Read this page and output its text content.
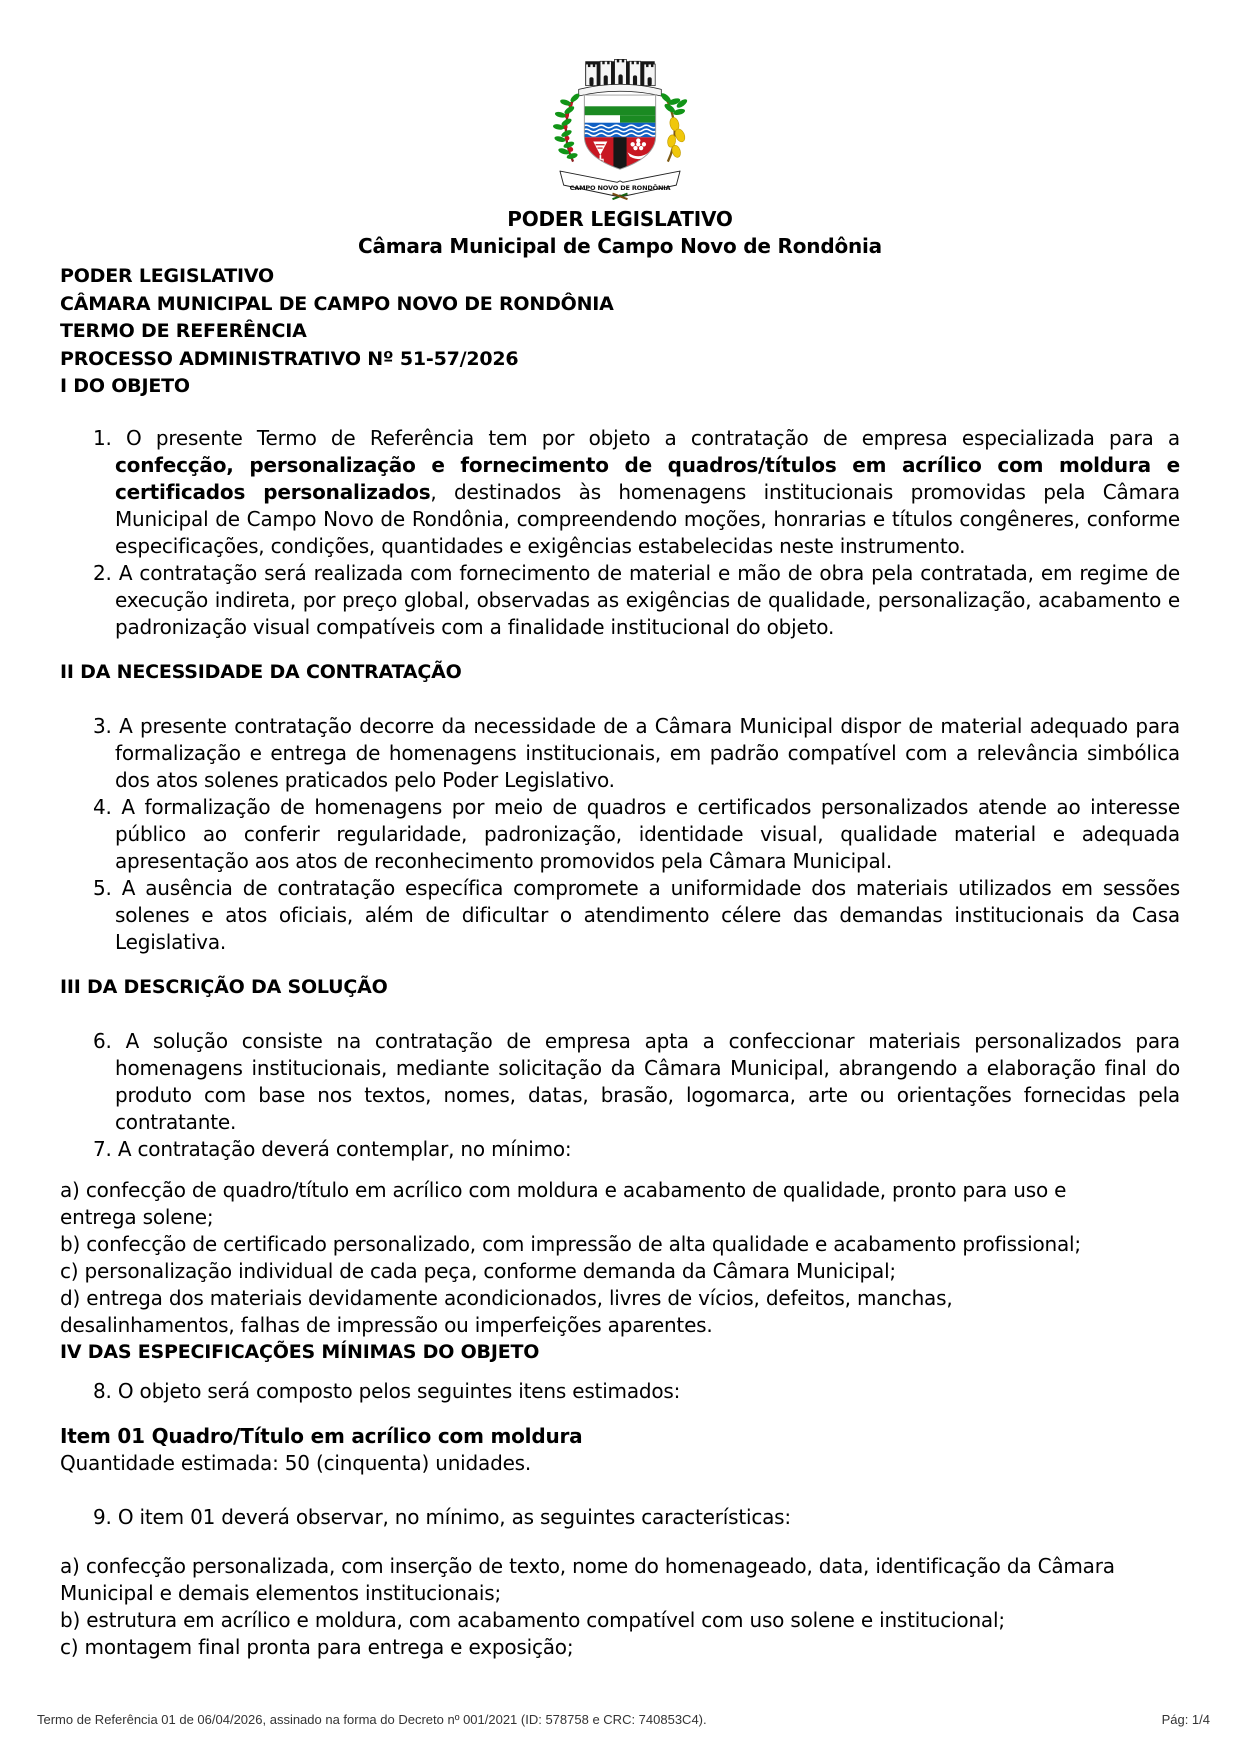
CAMPO NOVO DE RONDÔNIA
PODER LEGISLATIVO
Câmara Municipal de Campo Novo de Rondônia
PODER LEGISLATIVO
CÂMARA MUNICIPAL DE CAMPO NOVO DE RONDÔNIA
TERMO DE REFERÊNCIA
PROCESSO ADMINISTRATIVO Nº 51-57/2026
I DO OBJETO
1. O presente Termo de Referência tem por objeto a contratação de empresa especializada para a confecção, personalização e fornecimento de quadros/títulos em acrílico com moldura e certificados personalizados, destinados às homenagens institucionais promovidas pela Câmara Municipal de Campo Novo de Rondônia, compreendendo moções, honrarias e títulos congêneres, conforme especificações, condições, quantidades e exigências estabelecidas neste instrumento.
2. A contratação será realizada com fornecimento de material e mão de obra pela contratada, em regime de execução indireta, por preço global, observadas as exigências de qualidade, personalização, acabamento e padronização visual compatíveis com a finalidade institucional do objeto.
II DA NECESSIDADE DA CONTRATAÇÃO
3. A presente contratação decorre da necessidade de a Câmara Municipal dispor de material adequado para formalização e entrega de homenagens institucionais, em padrão compatível com a relevância simbólica dos atos solenes praticados pelo Poder Legislativo.
4. A formalização de homenagens por meio de quadros e certificados personalizados atende ao interesse público ao conferir regularidade, padronização, identidade visual, qualidade material e adequada apresentação aos atos de reconhecimento promovidos pela Câmara Municipal.
5. A ausência de contratação específica compromete a uniformidade dos materiais utilizados em sessões solenes e atos oficiais, além de dificultar o atendimento célere das demandas institucionais da Casa Legislativa.
III DA DESCRIÇÃO DA SOLUÇÃO
6. A solução consiste na contratação de empresa apta a confeccionar materiais personalizados para homenagens institucionais, mediante solicitação da Câmara Municipal, abrangendo a elaboração final do produto com base nos textos, nomes, datas, brasão, logomarca, arte ou orientações fornecidas pela contratante.
7. A contratação deverá contemplar, no mínimo:
a) confecção de quadro/título em acrílico com moldura e acabamento de qualidade, pronto para uso e
entrega solene;
b) confecção de certificado personalizado, com impressão de alta qualidade e acabamento profissional;
c) personalização individual de cada peça, conforme demanda da Câmara Municipal;
d) entrega dos materiais devidamente acondicionados, livres de vícios, defeitos, manchas,
desalinhamentos, falhas de impressão ou imperfeições aparentes.
IV DAS ESPECIFICAÇÕES MÍNIMAS DO OBJETO
8. O objeto será composto pelos seguintes itens estimados:
Item 01 Quadro/Título em acrílico com moldura
Quantidade estimada: 50 (cinquenta) unidades.
9. O item 01 deverá observar, no mínimo, as seguintes características:
a) confecção personalizada, com inserção de texto, nome do homenageado, data, identificação da Câmara
Municipal e demais elementos institucionais;
b) estrutura em acrílico e moldura, com acabamento compatível com uso solene e institucional;
c) montagem final pronta para entrega e exposição;
Termo de Referência 01 de 06/04/2026, assinado na forma do Decreto nº 001/2021 (ID: 578758 e CRC: 740853C4).	Pág: 1/4
